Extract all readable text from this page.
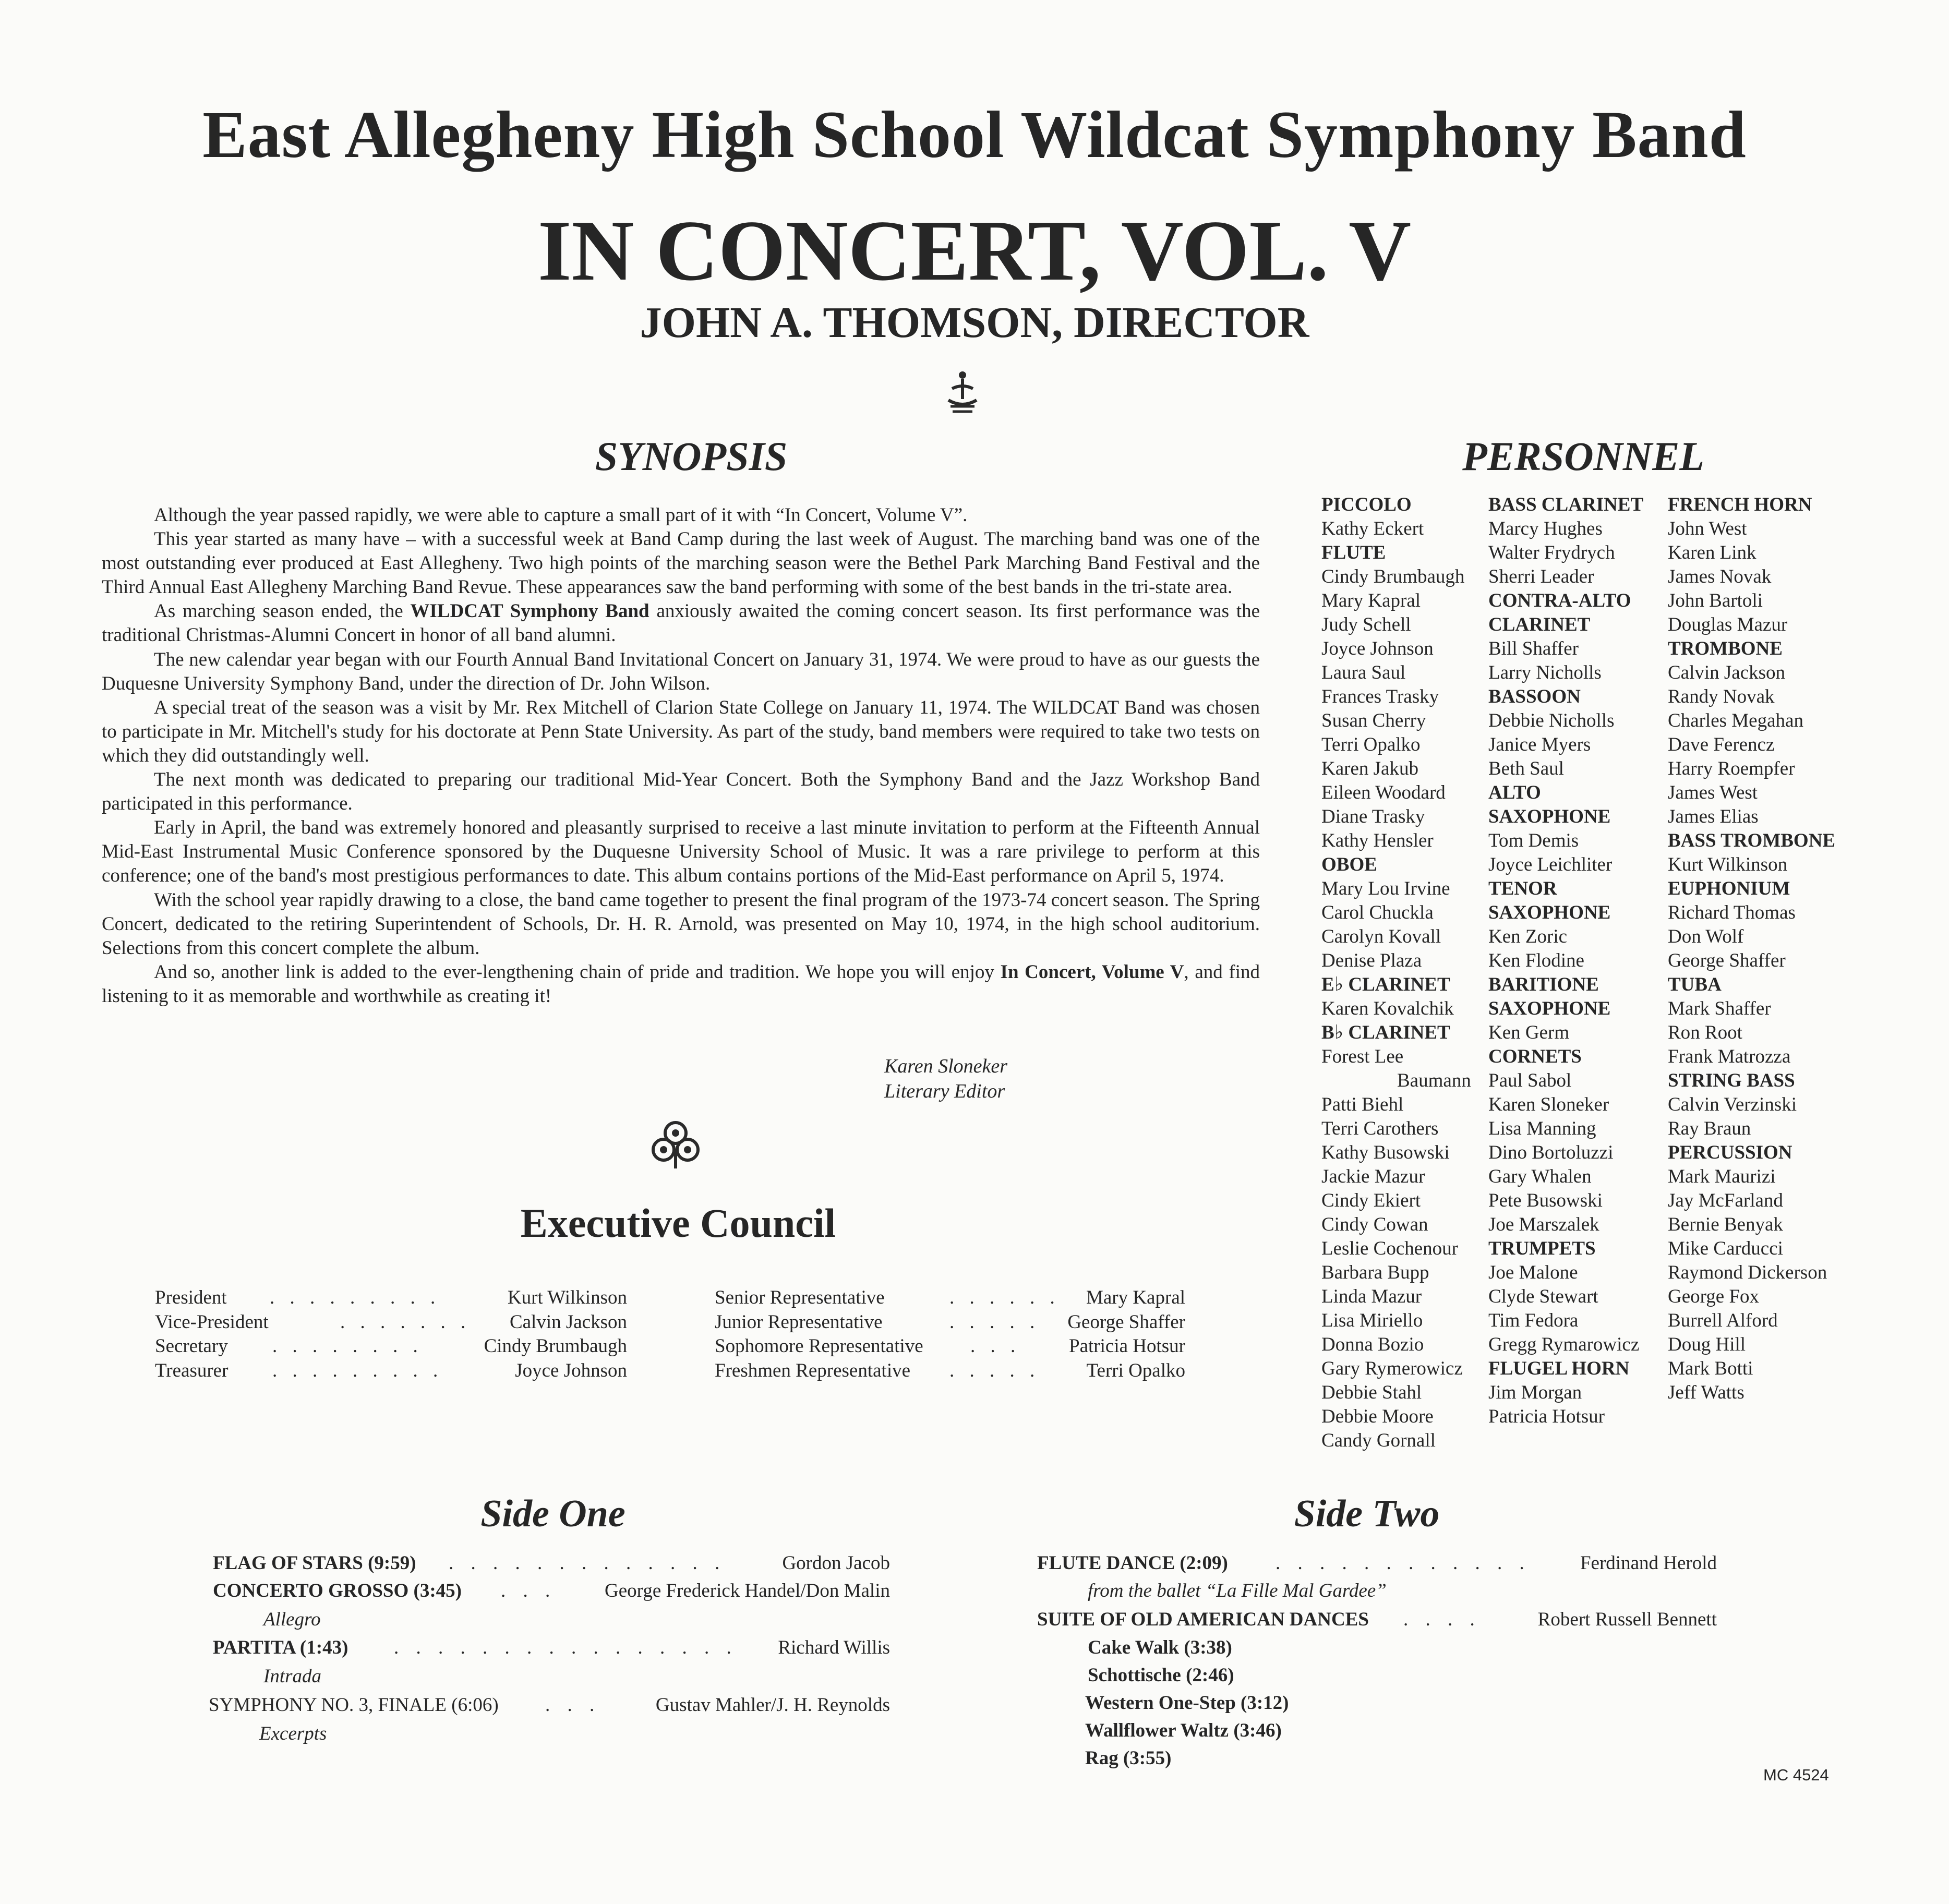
East Allegheny High School Wildcat Symphony Band
IN CONCERT, VOL. V
JOHN A. THOMSON, DIRECTOR
SYNOPSIS	PERSONNEL

Although the year passed rapidly, we were able to capture a small part of it with “In Concert, Volume V”.

This year started as many have – with a successful week at Band Camp during the last week of August. The marching band was one of the most outstanding ever produced at East Allegheny. Two high points of the marching season were the Bethel Park Marching Band Festival and the Third Annual East Allegheny Marching Band Revue. These appearances saw the band performing with some of the best bands in the tri-state area.

As marching season ended, the WILDCAT Symphony Band anxiously awaited the coming concert season. Its first performance was the traditional Christmas-Alumni Concert in honor of all band alumni.

The new calendar year began with our Fourth Annual Band Invitational Concert on January 31, 1974. We were proud to have as our guests the Duquesne University Symphony Band, under the direction of Dr. John Wilson.

A special treat of the season was a visit by Mr. Rex Mitchell of Clarion State College on January 11, 1974. The WILDCAT Band was chosen to participate in Mr. Mitchell's study for his doctorate at Penn State University. As part of the study, band members were required to take two tests on which they did outstandingly well.

The next month was dedicated to preparing our traditional Mid-Year Concert. Both the Symphony Band and the Jazz Workshop Band participated in this performance.

Early in April, the band was extremely honored and pleasantly surprised to receive a last minute invitation to perform at the Fifteenth Annual Mid-East Instrumental Music Conference sponsored by the Duquesne University School of Music. It was a rare privilege to perform at this conference; one of the band's most prestigious performances to date. This album contains portions of the Mid-East performance on April 5, 1974.

With the school year rapidly drawing to a close, the band came together to present the final program of the 1973-74 concert season. The Spring Concert, dedicated to the retiring Superintendent of Schools, Dr. H. R. Arnold, was presented on May 10, 1974, in the high school auditorium. Selections from this concert complete the album.

And so, another link is added to the ever-lengthening chain of pride and tradition. We hope you will enjoy In Concert, Volume V, and find listening to it as memorable and worthwhile as creating it!

Karen Sloneker
Literary Editor
Executive Council
President . . . . . . . . .	Kurt Wilkinson
Vice-President	. . . . . . . Calvin Jackson
Secretary . . . . . . . .	Cindy Brumbaugh
Treasurer . . . . . . . . .	Joyce Johnson
Senior Representative	. . . . . . Mary Kapral
Junior Representative	. . . . . George Shaffer
Sophomore Representative . . .	Patricia Hotsur
Freshmen Representative . . . . . Terri Opalko
PICCOLO
Kathy Eckert
FLUTE
Cindy Brumbaugh
Mary Kapral
Judy Schell
Joyce Johnson
Laura Saul
Frances Trasky
Susan Cherry
Terri Opalko
Karen Jakub
Eileen Woodard
Diane Trasky
Kathy Hensler
OBOE
Mary Lou Irvine
Carol Chuckla
Carolyn Kovall
Denise Plaza
E♭ CLARINET
Karen Kovalchik
B♭ CLARINET
Forest Lee
Baumann
Patti Biehl
Terri Carothers
Kathy Busowski
Jackie Mazur
Cindy Ekiert
Cindy Cowan
Leslie Cochenour
Barbara Bupp
Linda Mazur
Lisa Miriello
Donna Bozio
Gary Rymerowicz
Debbie Stahl
Debbie Moore
Candy Gornall
BASS CLARINET
Marcy Hughes
Walter Frydrych
Sherri Leader
CONTRA-ALTO
CLARINET
Bill Shaffer
Larry Nicholls
BASSOON
Debbie Nicholls
Janice Myers
Beth Saul
ALTO
SAXOPHONE
Tom Demis
Joyce Leichliter
TENOR
SAXOPHONE
Ken Zoric
Ken Flodine
BARITIONE
SAXOPHONE
Ken Germ
CORNETS
Paul Sabol
Karen Sloneker
Lisa Manning
Dino Bortoluzzi
Gary Whalen
Pete Busowski
Joe Marszalek
TRUMPETS
Joe Malone
Clyde Stewart
Tim Fedora
Gregg Rymarowicz
FLUGEL HORN
Jim Morgan
Patricia Hotsur
FRENCH HORN
John West
Karen Link
James Novak
John Bartoli
Douglas Mazur
TROMBONE
Calvin Jackson
Randy Novak
Charles Megahan
Dave Ferencz
Harry Roempfer
James West
James Elias
BASS TROMBONE
Kurt Wilkinson
EUPHONIUM
Richard Thomas
Don Wolf
George Shaffer
TUBA
Mark Shaffer
Ron Root
Frank Matrozza
STRING BASS
Calvin Verzinski
Ray Braun
PERCUSSION
Mark Maurizi
Jay McFarland
Bernie Benyak
Mike Carducci
Raymond Dickerson
George Fox
Burrell Alford
Doug Hill
Mark Botti
Jeff Watts
Side One
FLAG OF STARS (9:59) . . . . . . . . . . . . .	Gordon Jacob
CONCERTO GROSSO (3:45) . . .	George Frederick Handel/Don Malin
Allegro
PARTITA (1:43) . . . . . . . . . . . . . . . . Richard Willis
Intrada
SYMPHONY NO. 3, FINALE (6:06) . . .	Gustav Mahler/J. H. Reynolds
Excerpts
Side Two
FLUTE DANCE (2:09) . . . . . . . . . . . .	Ferdinand Herold
from the ballet “La Fille Mal Gardee”
SUITE OF OLD AMERICAN DANCES . . . .	Robert Russell Bennett
Cake Walk (3:38)
Schottische (2:46)
Western One-Step (3:12)
Wallflower Waltz (3:46)
Rag (3:55)
MC 4524
